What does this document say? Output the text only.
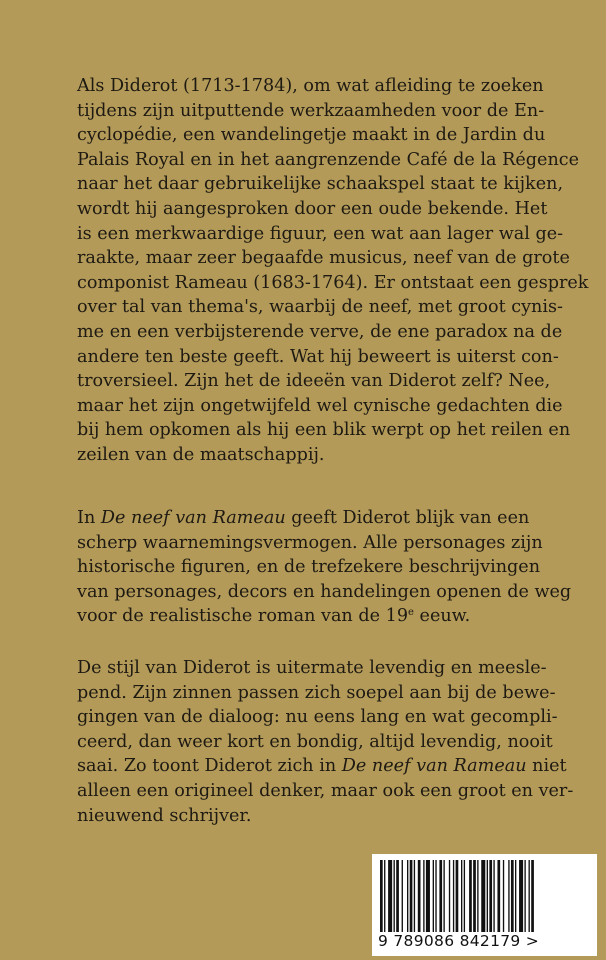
Als Diderot (1713-1784), om wat afleiding te zoeken
tijdens zijn uitputtende werkzaamheden voor de En-
cyclopédie, een wandelingetje maakt in de Jardin du
Palais Royal en in het aangrenzende Café de la Régence
naar het daar gebruikelijke schaakspel staat te kijken,
wordt hij aangesproken door een oude bekende. Het
is een merkwaardige figuur, een wat aan lager wal ge-
raakte, maar zeer begaafde musicus, neef van de grote
componist Rameau (1683-1764). Er ontstaat een gesprek
over tal van thema's, waarbij de neef, met groot cynis-
me en een verbijsterende verve, de ene paradox na de
andere ten beste geeft. Wat hij beweert is uiterst con-
troversieel. Zijn het de ideeën van Diderot zelf? Nee,
maar het zijn ongetwijfeld wel cynische gedachten die
bij hem opkomen als hij een blik werpt op het reilen en
zeilen van de maatschappij.
In De neef van Rameau geeft Diderot blijk van een
scherp waarnemingsvermogen. Alle personages zijn
historische figuren, en de trefzekere beschrijvingen
van personages, decors en handelingen openen de weg
voor de realistische roman van de 19e eeuw.
De stijl van Diderot is uitermate levendig en meesle-
pend. Zijn zinnen passen zich soepel aan bij de bewe-
gingen van de dialoog: nu eens lang en wat gecompli-
ceerd, dan weer kort en bondig, altijd levendig, nooit
saai. Zo toont Diderot zich in De neef van Rameau niet
alleen een origineel denker, maar ook een groot en ver-
nieuwend schrijver.
9 789086 842179 >
